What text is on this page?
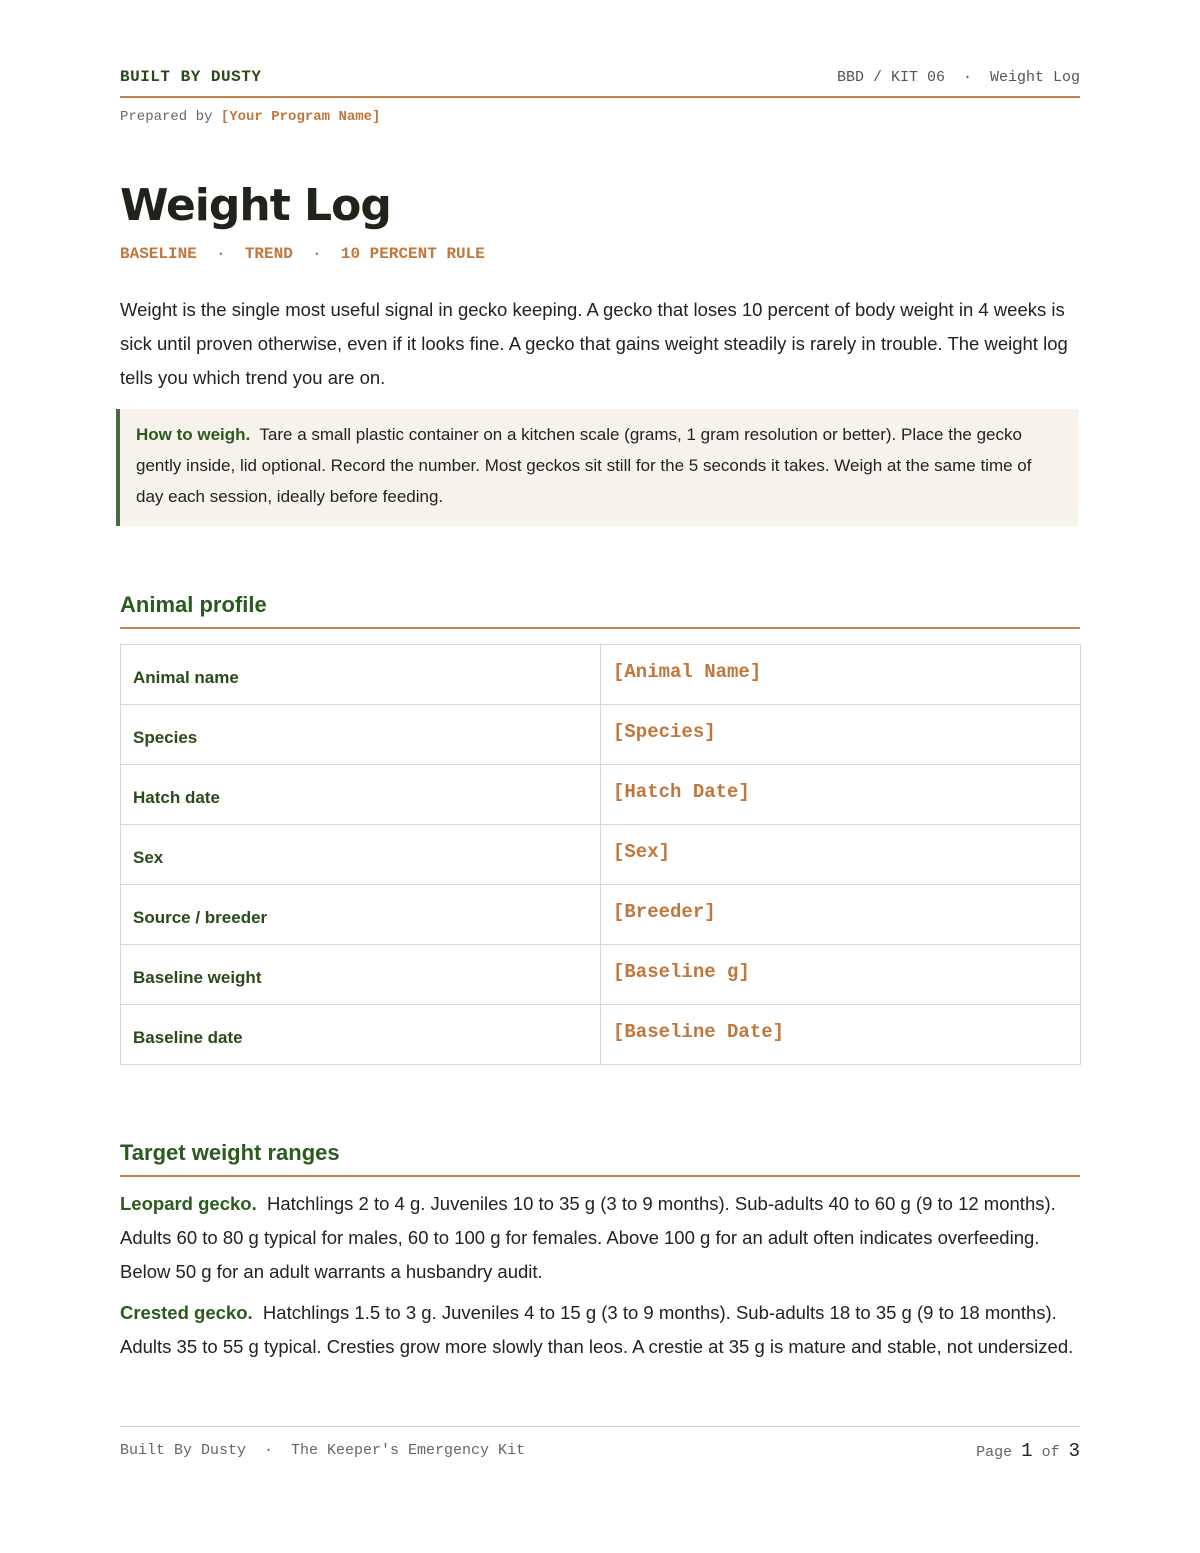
BUILT BY DUSTY	BBD / KIT 06  ·  Weight Log
Prepared by [Your Program Name]
Weight Log
BASELINE  ·  TREND  ·  10 PERCENT RULE

Weight is the single most useful signal in gecko keeping. A gecko that loses 10 percent of body weight in 4 weeks is sick until proven otherwise, even if it looks fine. A gecko that gains weight steadily is rarely in trouble. The weight log tells you which trend you are on.

How to weigh. Tare a small plastic container on a kitchen scale (grams, 1 gram resolution or better). Place the gecko gently inside, lid optional. Record the number. Most geckos sit still for the 5 seconds it takes. Weigh at the same time of day each session, ideally before feeding.

Animal profile
Animal name	[Animal Name]
Species	[Species]
Hatch date	[Hatch Date]
Sex	[Sex]
Source / breeder	[Breeder]
Baseline weight	[Baseline g]
Baseline date	[Baseline Date]
Target weight ranges

Leopard gecko. Hatchlings 2 to 4 g. Juveniles 10 to 35 g (3 to 9 months). Sub-adults 40 to 60 g (9 to 12 months). Adults 60 to 80 g typical for males, 60 to 100 g for females. Above 100 g for an adult often indicates overfeeding. Below 50 g for an adult warrants a husbandry audit.

Crested gecko. Hatchlings 1.5 to 3 g. Juveniles 4 to 15 g (3 to 9 months). Sub-adults 18 to 35 g (9 to 18 months). Adults 35 to 55 g typical. Cresties grow more slowly than leos. A crestie at 35 g is mature and stable, not undersized.

Built By Dusty  ·  The Keeper's Emergency Kit	Page 1 of 3
